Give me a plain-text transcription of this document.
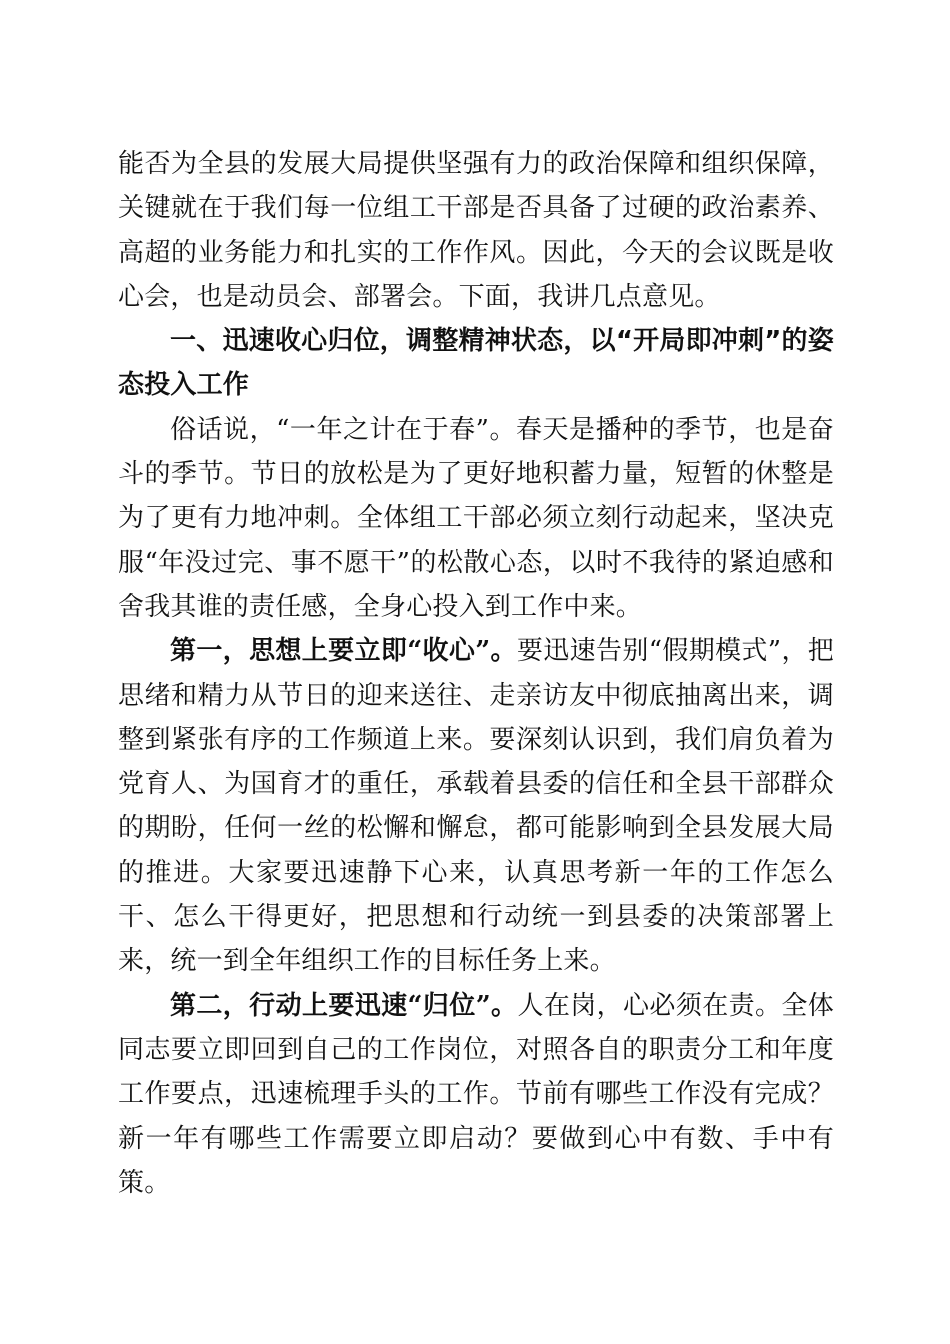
能否为全县的发展大局提供坚强有力的政治保障和组织保障，关键就在于我们每一位组工干部是否具备了过硬的政治素养、高超的业务能力和扎实的工作作风。因此，今天的会议既是收心会，也是动员会、部署会。下面，我讲几点意见。

一、迅速收心归位，调整精神状态，以“开局即冲刺”的姿态投入工作

俗话说，“一年之计在于春”。春天是播种的季节，也是奋斗的季节。节日的放松是为了更好地积蓄力量，短暂的休整是为了更有力地冲刺。全体组工干部必须立刻行动起来，坚决克服“年没过完、事不愿干”的松散心态，以时不我待的紧迫感和舍我其谁的责任感，全身心投入到工作中来。

第一，思想上要立即“收心”。要迅速告别“假期模式”，把思绪和精力从节日的迎来送往、走亲访友中彻底抽离出来，调整到紧张有序的工作频道上来。要深刻认识到，我们肩负着为党育人、为国育才的重任，承载着县委的信任和全县干部群众的期盼，任何一丝的松懈和懈怠，都可能影响到全县发展大局的推进。大家要迅速静下心来，认真思考新一年的工作怎么干、怎么干得更好，把思想和行动统一到县委的决策部署上来，统一到全年组织工作的目标任务上来。

第二，行动上要迅速“归位”。人在岗，心必须在责。全体同志要立即回到自己的工作岗位，对照各自的职责分工和年度工作要点，迅速梳理手头的工作。节前有哪些工作没有完成？新一年有哪些工作需要立即启动？要做到心中有数、手中有策。
